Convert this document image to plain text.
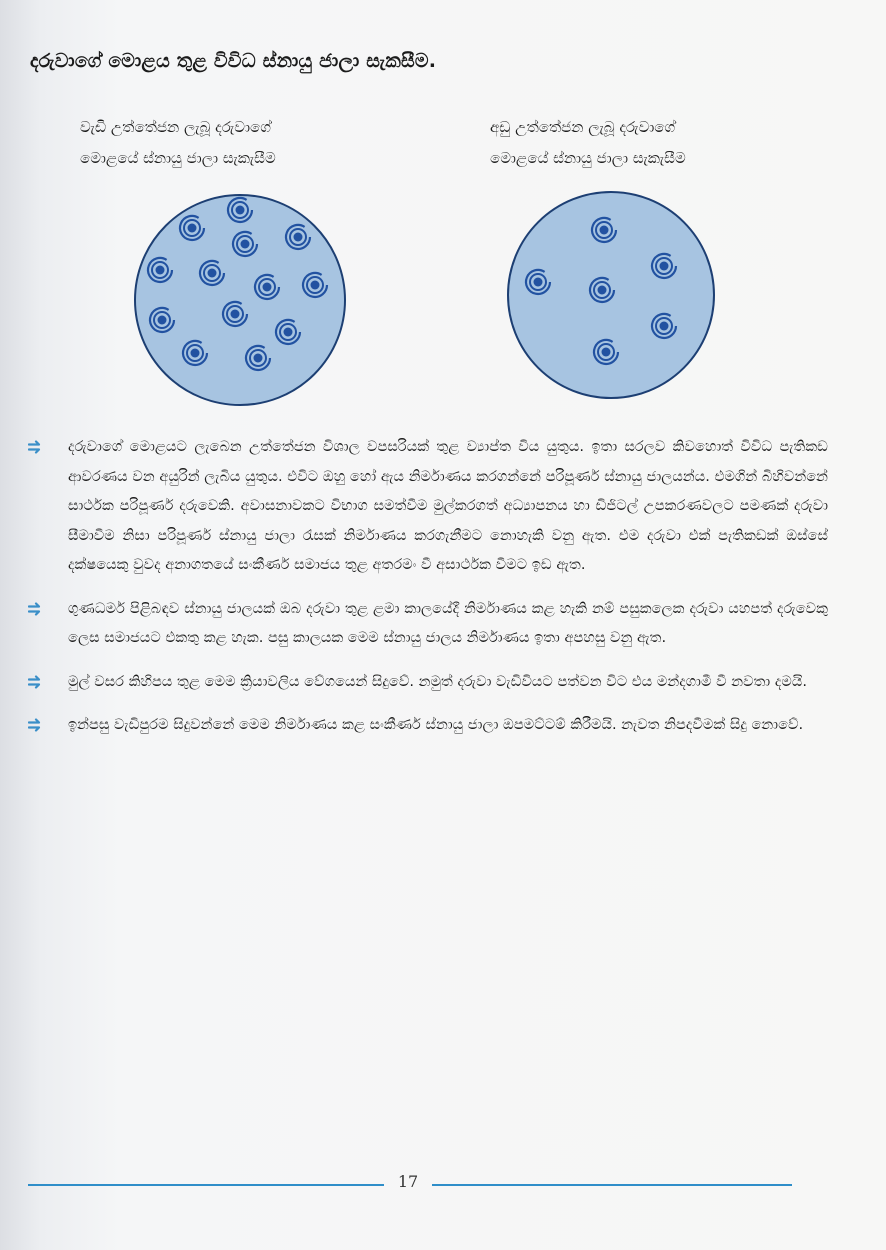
දරුවාගේ මොළය තුළ විවිධ ස්නායු ජාලා සැකසීම.
වැඩි උත්තේජන ලැබූ දරුවාගේ
මොළයේ ස්නායු ජාලා සැකැසීම
අඩු උත්තේජන ලැබූ දරුවාගේ
මොළයේ ස්නායු ජාලා සැකැසීම
දරුවාගේ මොළයට ලැබෙන උත්තේජන විශාල වපසරියක් තුළ ව්‍යාප්ත විය යුතුය. ඉතා සරලව කිවහොත් විවිධ පැතිකඩ ආවරණය වන අයුරින් ලැබිය යුතුය. එවිට ඔහු හෝ ඇය නිර්මාණය කරගන්නේ පරිපූර්ණ ස්නායු ජාලයන්ය. එමගින් බිහිවන්නේ සාර්ථක පරිපූර්ණ දරුවෙකි. අවාසනාවකට විභාග සමත්වීම මුල්කරගත් අධ්‍යාපනය හා ඩිජිටල් උපකරණවලට පමණක් දරුවා සීමාවීම නිසා පරිපූර්ණ ස්නායු ජාලා රැසක් නිර්මාණය කරගැනීමට නොහැකි වනු ඇත. එම දරුවා එක් පැතිකඩක් ඔස්සේ දක්ෂයෙකු වුවද අනාගතයේ සංකීර්ණ සමාජය තුළ අතරමං වී අසාර්ථක වීමට ඉඩ ඇත.
ගුණධර්ම පිළිබඳව ස්නායු ජාලයක් ඔබ දරුවා තුළ ළමා කාලයේදී නිර්මාණය කළ හැකි නම් පසුකලෙක දරුවා යහපත් දරුවෙකු ලෙස සමාජයට එකතු කළ හැක. පසු කාලයක මෙම ස්නායු ජාලය නිර්මාණය ඉතා අපහසු වනු ඇත.
මුල් වසර කිහිපය තුළ මෙම ක්‍රියාවලිය වේගයෙන් සිදුවේ. නමුත් දරුවා වැඩිවියට පත්වන විට එය මන්දගාමී වී නවතා දමයි.
ඉන්පසු වැඩිපුරම සිදුවන්නේ මෙම නිර්මාණය කළ සංකීර්ණ ස්නායු ජාලා ඔපමට්ටම් කිරීමයි. නැවත නිපදවීමක් සිදු නොවේ.
17
